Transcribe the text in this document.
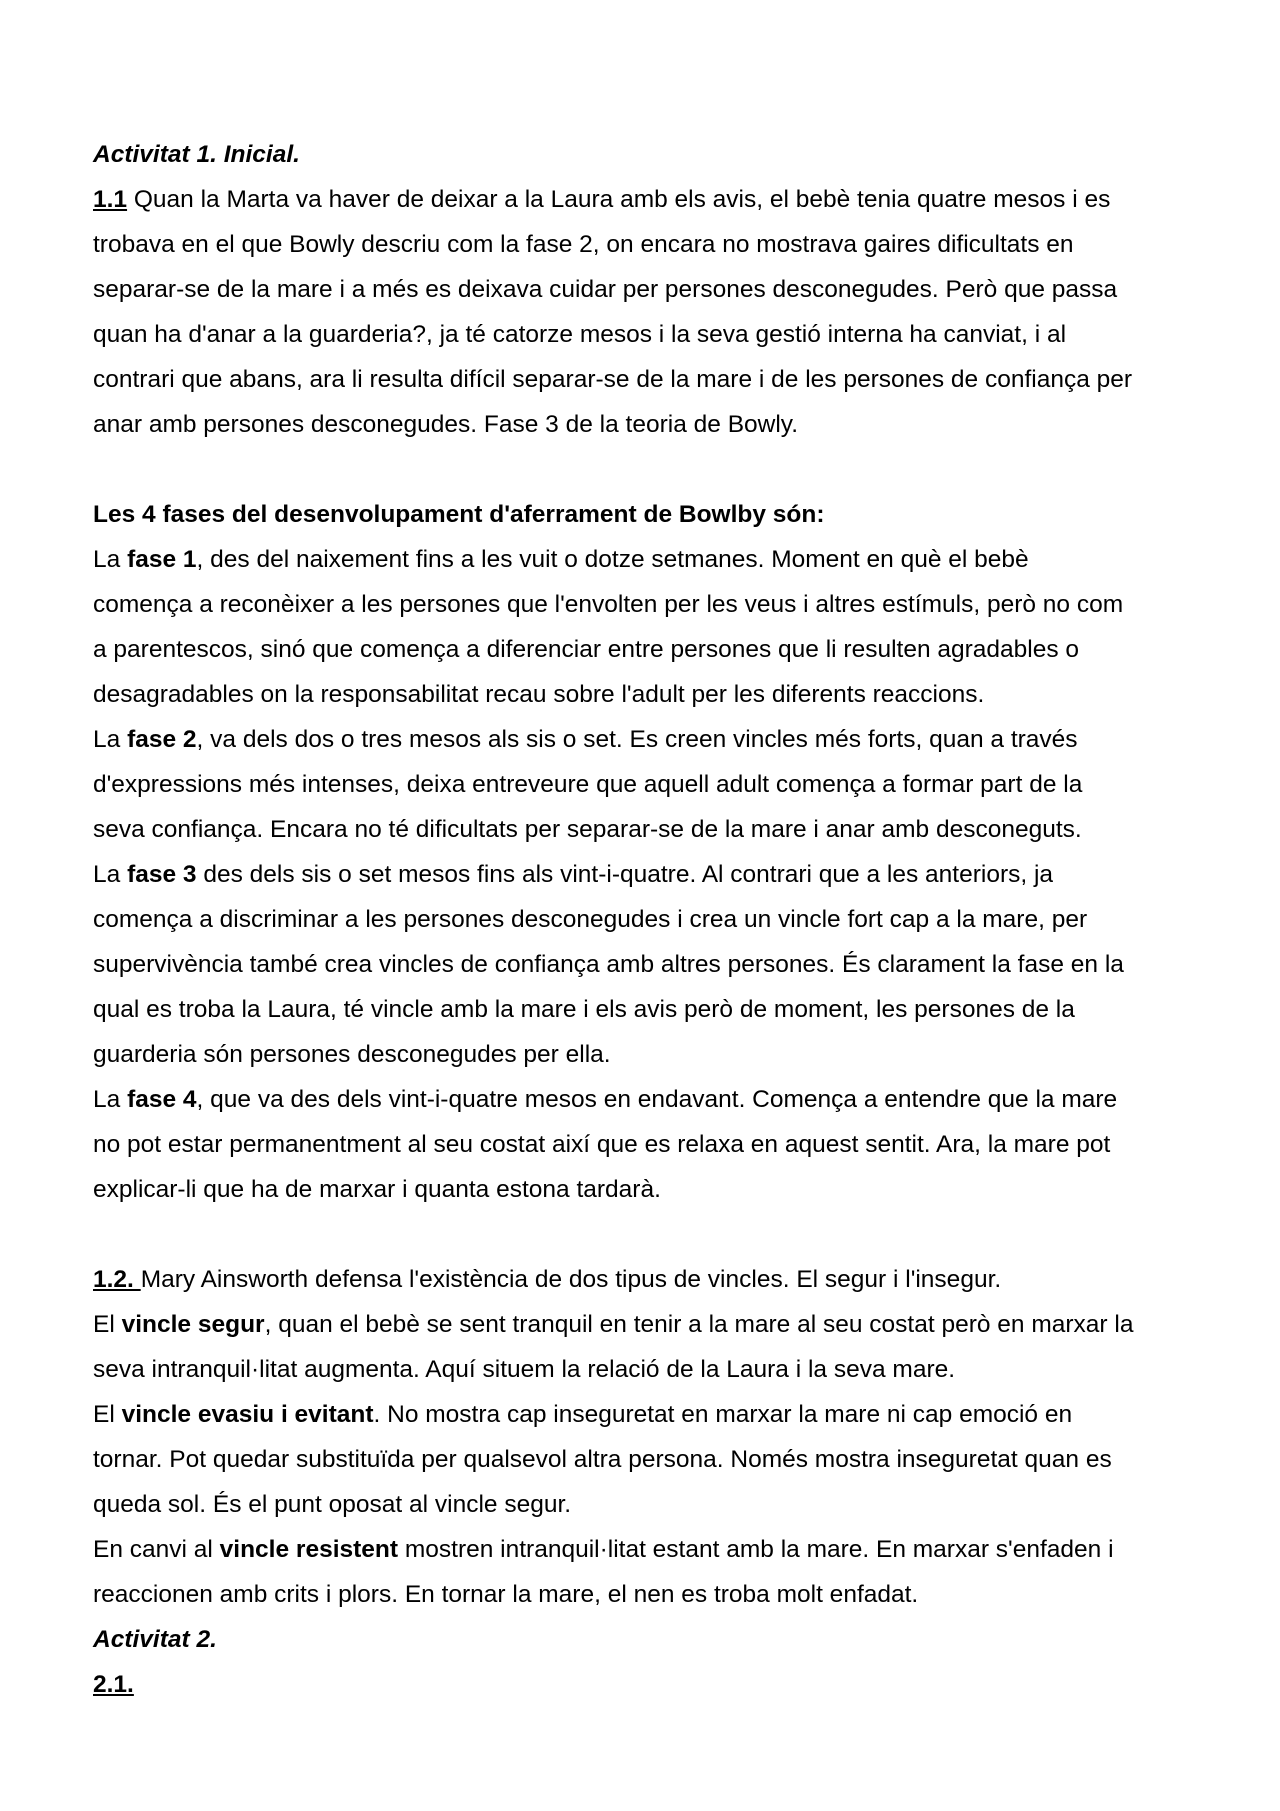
Activitat 1. Inicial.
1.1 Quan la Marta va haver de deixar a la Laura amb els avis, el bebè tenia quatre mesos i es
trobava en el que Bowly descriu com la fase 2, on encara no mostrava gaires dificultats en
separar-se de la mare i a més es deixava cuidar per persones desconegudes. Però que passa
quan ha d'anar a la guarderia?, ja té catorze mesos i la seva gestió interna ha canviat, i al
contrari que abans, ara li resulta difícil separar-se de la mare i de les persones de confiança per
anar amb persones desconegudes. Fase 3 de la teoria de Bowly.
Les 4 fases del desenvolupament d'aferrament de Bowlby són:
La fase 1, des del naixement fins a les vuit o dotze setmanes. Moment en què el bebè
comença a reconèixer a les persones que l'envolten per les veus i altres estímuls, però no com
a parentescos, sinó que comença a diferenciar entre persones que li resulten agradables o
desagradables on la responsabilitat recau sobre l'adult per les diferents reaccions.
La fase 2, va dels dos o tres mesos als sis o set. Es creen vincles més forts, quan a través
d'expressions més intenses, deixa entreveure que aquell adult comença a formar part de la
seva confiança. Encara no té dificultats per separar-se de la mare i anar amb desconeguts.
La fase 3 des dels sis o set mesos fins als vint-i-quatre. Al contrari que a les anteriors, ja
comença a discriminar a les persones desconegudes i crea un vincle fort cap a la mare, per
supervivència també crea vincles de confiança amb altres persones. És clarament la fase en la
qual es troba la Laura, té vincle amb la mare i els avis però de moment, les persones de la
guarderia són persones desconegudes per ella.
La fase 4, que va des dels vint-i-quatre mesos en endavant. Comença a entendre que la mare
no pot estar permanentment al seu costat així que es relaxa en aquest sentit. Ara, la mare pot
explicar-li que ha de marxar i quanta estona tardarà.
1.2. Mary Ainsworth defensa l'existència de dos tipus de vincles. El segur i l'insegur.
El vincle segur, quan el bebè se sent tranquil en tenir a la mare al seu costat però en marxar la
seva intranquil·litat augmenta. Aquí situem la relació de la Laura i la seva mare.
El vincle evasiu i evitant. No mostra cap inseguretat en marxar la mare ni cap emoció en
tornar. Pot quedar substituïda per qualsevol altra persona. Només mostra inseguretat quan es
queda sol. És el punt oposat al vincle segur.
En canvi al vincle resistent mostren intranquil·litat estant amb la mare. En marxar s'enfaden i
reaccionen amb crits i plors. En tornar la mare, el nen es troba molt enfadat.
Activitat 2.
2.1.
